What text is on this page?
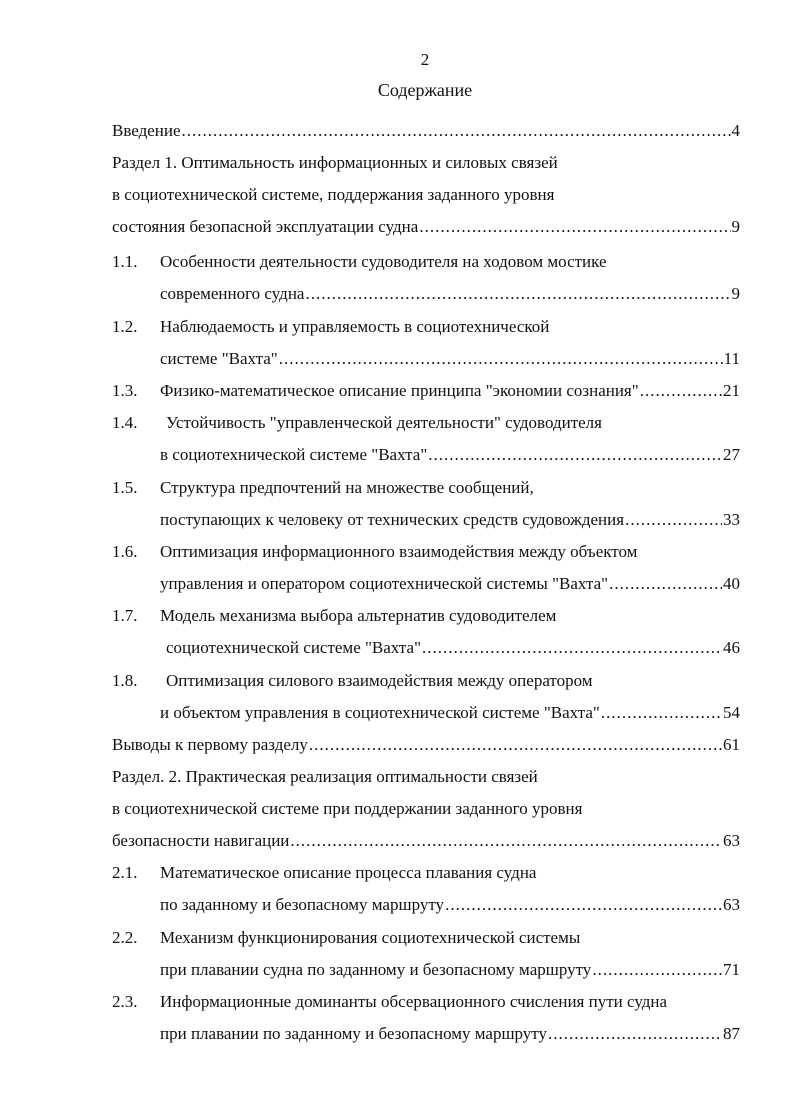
2
Содержание
Введение .....	4
Раздел 1. Оптимальность информационных и силовых связей
в социотехнической системе, поддержания заданного уровня
состояния безопасной эксплуатации судна .....	9
1.1. Особенности деятельности судоводителя на ходовом мостике
современного судна .....	9
1.2. Наблюдаемость и управляемость в социотехнической
системе "Вахта" .....	11
1.3. Физико-математическое описание принципа "экономии сознания" .....	21
1.4. Устойчивость "управленческой деятельности" судоводителя
в социотехнической системе "Вахта" .....	27
1.5. Структура предпочтений на множестве сообщений,
поступающих к человеку от технических средств судовождения .....	33
1.6. Оптимизация информационного взаимодействия между объектом
управления и оператором социотехнической системы "Вахта" .....	40
1.7. Модель механизма выбора альтернатив судоводителем
социотехнической системе "Вахта" .....	46
1.8. Оптимизация силового взаимодействия между оператором
и объектом управления в социотехнической системе "Вахта" .....	54
Выводы к первому разделу .....	61
Раздел. 2. Практическая реализация оптимальности связей
в социотехнической системе при поддержании заданного уровня
безопасности навигации .....	63
2.1. Математическое описание процесса плавания судна
по заданному и безопасному маршруту .....	63
2.2. Механизм функционирования социотехнической системы
при плавании судна по заданному и безопасному маршруту .....	71
2.3. Информационные доминанты обсервационного счисления пути судна
при плавании по заданному и безопасному маршруту .....	87
